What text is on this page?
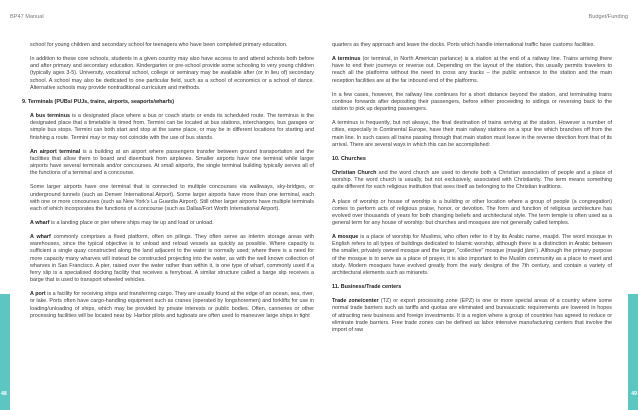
BP47 Manual	Budget/Funding

school for young children and secondary school for teenagers who have been completed primary education.

In addition to these core schools, students in a given country may also have access to and attend schools both before and after primary and secondary education. Kindergarten or pre-school provide some schooling to very young children (typically ages 3-5). University, vocational school, college or seminary may be available after (or in lieu of) secondary school. A school may also be dedicated to one particular field, such as a school of economics or a school of dance. Alternative schools may provide nontraditional curriculum and methods.

9. Terminals (PUBs/ PUJs, trains, airports, seaports/wharfs)

A bus terminus is a designated place where a bus or coach starts or ends its scheduled route. The terminus is the designated place that a timetable is timed from. Termini can be located at bus stations, interchanges, bus garages or simple bus stops. Termini can both start and stop at the same place, or may be in different locations for starting and finishing a route. Termini may or may not coincide with the use of bus stands.

An airport terminal is a building at an airport where passengers transfer between ground transportation and the facilities that allow them to board and disembark from airplanes. Smaller airports have one terminal while larger airports have several terminals and/or concourses. At small airports, the single terminal building typically serves all of the functions of a terminal and a concourse.

Some larger airports have one terminal that is connected to multiple concourses via walkways, sky-bridges, or underground tunnels (such as Denver International Airport). Some larger airports have more than one terminal, each with one or more concourses (such as New York's La Guardia Airport). Still other larger airports have multiple terminals each of which incorporates the functions of a concourse (such as Dallas/Fort Worth International Airport).

A wharf is a landing place or pier where ships may tie up and load or unload.

A wharf commonly comprises a fixed platform, often on pilings. They often serve as interim storage areas with warehouses, since the typical objective is to unload and reload vessels as quickly as possible. Where capacity is sufficient a single quay constructed along the land adjacent to the water is normally used; where there is a need for more capacity many wharves will instead be constructed projecting into the water, as with the well known collection of wharves in San Francisco. A pier, raised over the water rather than within it, is one type of wharf, commonly used if a ferry slip is a specialised docking facility that receives a ferryboat. A similar structure called a barge slip receives a barge that is used to transport wheeled vehicles.

A port is a facility for receiving ships and transferring cargo. They are usually found at the edge of an ocean, sea, river, or lake. Ports often have cargo-handling equipment such as cranes (operated by longshoremen) and forklifts for use in loading/unloading of ships, which may be provided by private interests or public bodies. Often, canneries or other processing facilities will be located near by. Harbor pilots and tugboats are often used to maneuver large ships in tight

quarters as they approach and leave the docks. Ports which handle international traffic have customs facilities.

A terminus (or terminal, in North American parlance) is a station at the end of a railway line. Trains arriving there have to end their journeys or reverse out. Depending on the layout of the station, this usually permits travelers to reach all the platforms without the need to cross any tracks – the public entrance to the station and the main reception facilities are at the far inbound end of the platforms.

In a few cases, however, the railway line continues for a short distance beyond the station, and terminating trains continue forwards after depositing their passengers, before either proceeding to sidings or reversing back to the station to pick up departing passengers.

A terminus is frequently, but not always, the final destination of trains arriving at the station. However a number of cities, especially in Continental Europe, have their main railway stations on a spur line which branches off from the main line. In such cases all trains passing through that main station must leave in the reverse direction from that of its arrival. There are several ways in which this can be accomplished:

10. Churches

Christian Church and the word church are used to denote both a Christian association of people and a place of worship. The word church is usually, but not exclusively, associated with Christianity. The term means something quite different for each religious institution that sees itself as belonging to the Christian traditions.

A place of worship or house of worship is a building or other location where a group of people (a congregation) comes to perform acts of religious praise, honor, or devotion. The form and function of religious architecture has evolved over thousands of years for both changing beliefs and architectural style. The term temple is often used as a general term for any house of worship: but churches and mosques are not generally called temples.

A mosque is a place of worship for Muslims, who often refer to it by its Arabic name, masjid. The word mosque in English refers to all types of buildings dedicated to Islamic worship, although there is a distinction in Arabic between the smaller, privately owned mosque and the larger, "collective" mosque (masjid jāmiʿ). Although the primary purpose of the mosque is to serve as a place of prayer, it is also important to the Muslim community as a place to meet and study. Modern mosques have evolved greatly from the early designs of the 7th century, and contain a variety of architectural elements such as minarets.

11. Business/Trade centers

Trade zone/center (TZ) or export processing zone (EPZ) is one or more special areas of a country where some normal trade barriers such as tariffs and quotas are eliminated and bureaucratic requirements are lowered in hopes of attracting new business and foreign investments. It is a region where a group of countries has agreed to reduce or eliminate trade barriers. Free trade zones can be defined as labor intensive manufacturing centers that involve the import of raw

48	49
